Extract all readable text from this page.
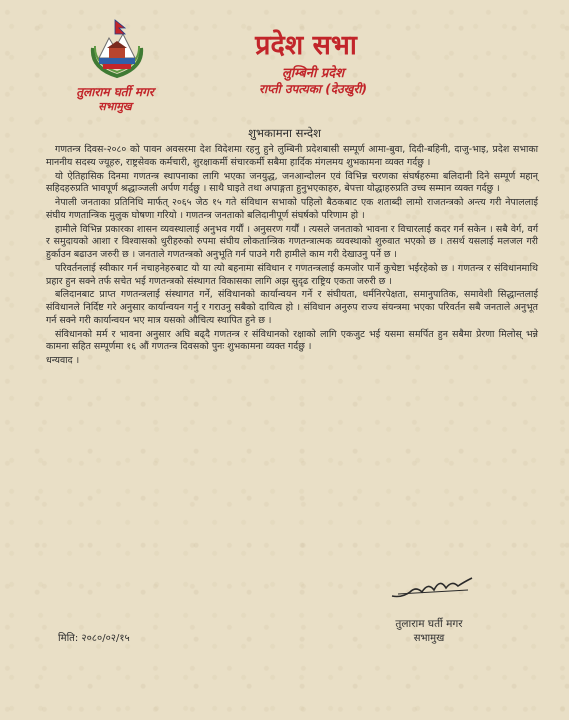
तुलाराम घर्ती मगर
सभामुख
प्रदेश सभा
लुम्बिनी प्रदेश
राप्ती उपत्यका (देउखुरी)
शुभकामना सन्देश

गणतन्त्र दिवस-२०८० को पावन अवसरमा देश विदेशमा रहनु हुने लुम्बिनी प्रदेशबासी सम्पूर्ण आमा-बुवा, दिदी-बहिनी, दाजु-भाइ, प्रदेश सभाका माननीय सदस्य ज्यूहरु, राष्ट्रसेवक कर्मचारी, शुरक्षाकर्मी संचारकर्मी सबैमा हार्दिक मंगलमय शुभकामना व्यक्त गर्दछु ।

यो ऐतिहासिक दिनमा गणतन्त्र स्थापनाका लागि भएका जनयुद्ध, जनआन्दोलन एवं विभिन्न चरणका संघर्षहरुमा बलिदानी दिने सम्पूर्ण महान् सहिदहरुप्रति भावपूर्ण श्रद्धाञ्जली अर्पण गर्दछु । साथै घाइते तथा अपाङ्गता हुनुभएकाहरु, बेपत्ता योद्धाहरुप्रति उच्च सम्मान व्यक्त गर्दछु ।

नेपाली जनताका प्रतिनिधि मार्फत् २०६५ जेठ १५ गते संविधान सभाको पहिलो बैठकबाट एक शताब्दी लामो राजतन्त्रको अन्त्य गरी नेपाललाई संघीय गणतान्त्रिक मुलुक घोषणा गरियो । गणतन्त्र जनताको बलिदानीपूर्ण संघर्षको परिणाम हो ।

हामीले विभिन्न प्रकारका शासन व्यवस्थालाई अनुभव गर्यौं । अनुसरण गर्यौं । त्यसले जनताको भावना र विचारलाई कदर गर्न सकेन । सबै वेर्ग, वर्ग र समुदायको आशा र विश्वासको धुरीहरुको रुपमा संघीय लोकतान्त्रिक गणतन्त्रात्मक व्यवस्थाको शुरुवात भएको छ । तसर्थ यसलाई मलजल गरी हुर्काउन बढाउन जरुरी छ । जनताले गणतन्त्रको अनुभूति गर्न पाउने गरी हामीले काम गरी देखाउनु पर्ने छ ।

परिवर्तनलाई स्वीकार गर्न नचाहनेहरुबाट यो या त्यो बहनामा संविधान र गणतन्त्रलाई कमजोर पार्ने कुचेष्टा भईरहेको छ । गणतन्त्र र संविधानमाथि प्रहार हुन सक्ने तर्फ सचेत भई गणतन्त्रको संस्थागत विकासका लागि अझ सुदृढ राष्ट्रिय एकता जरुरी छ ।

बलिदानबाट प्राप्त गणतन्त्रलाई संस्थागत गर्ने, संविधानको कार्यान्वयन गर्ने र संघीयता, धर्मनिरपेक्षता, समानुपातिक, समावेशी सिद्धान्तलाई संविधानले निर्दिष्ट गरे अनुसार कार्यान्वयन गर्नु र गराउनु सबैको दायित्व हो । संविधान अनुरुप राज्य संयन्त्रमा भएका परिवर्तन सबै जनताले अनुभूत गर्न सक्ने गरी कार्यान्वयन भए मात्र यसको औचित्य स्थापित हुने छ ।

संविधानको मर्म र भावना अनुसार अघि बढ्दै गणतन्त्र र संविधानको रक्षाको लागि एकजुट भई यसमा समर्पित हुन सबैमा प्रेरणा मिलोस् भन्ने कामना सहित सम्पूर्णमा १६ औं गणतन्त्र दिवसको पुनः शुभकामना व्यक्त गर्दछु ।

धन्यवाद ।

मिति: २०८०/०२/१५
तुलाराम घर्ती मगर
सभामुख
